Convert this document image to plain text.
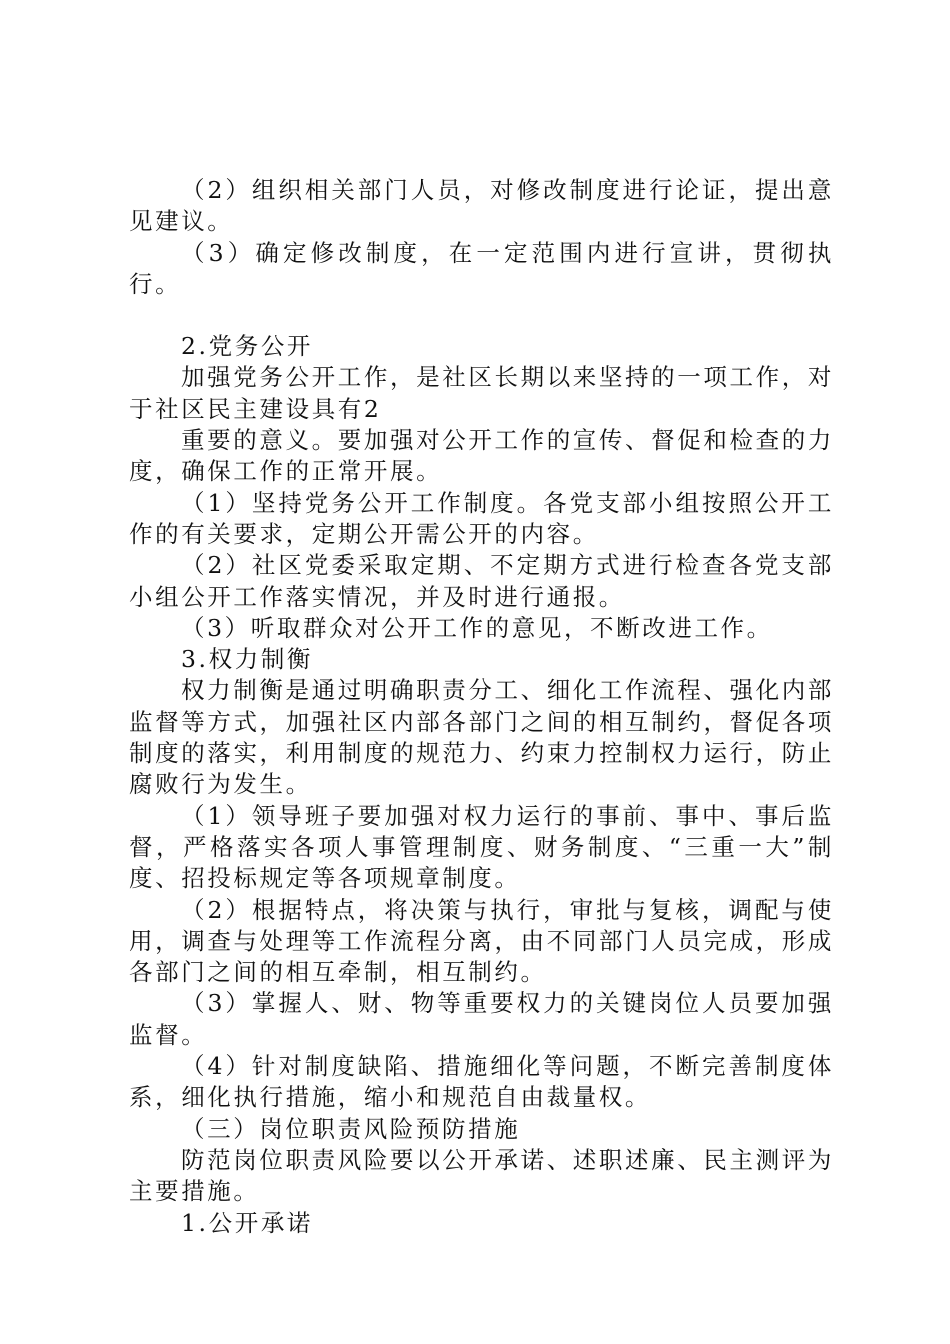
（2）组织相关部门人员，对修改制度进行论证，提出意见建议。

（3）确定修改制度，在一定范围内进行宣讲，贯彻执行。

2.党务公开

加强党务公开工作，是社区长期以来坚持的一项工作，对于社区民主建设具有2

重要的意义。要加强对公开工作的宣传、督促和检查的力度，确保工作的正常开展。

（1）坚持党务公开工作制度。各党支部小组按照公开工作的有关要求，定期公开需公开的内容。

（2）社区党委采取定期、不定期方式进行检查各党支部小组公开工作落实情况，并及时进行通报。

（3）听取群众对公开工作的意见，不断改进工作。

3.权力制衡

权力制衡是通过明确职责分工、细化工作流程、强化内部监督等方式，加强社区内部各部门之间的相互制约，督促各项制度的落实，利用制度的规范力、约束力控制权力运行，防止腐败行为发生。

（1）领导班子要加强对权力运行的事前、事中、事后监督，严格落实各项人事管理制度、财务制度、“三重一大”制度、招投标规定等各项规章制度。

（2）根据特点，将决策与执行，审批与复核，调配与使用，调查与处理等工作流程分离，由不同部门人员完成，形成各部门之间的相互牵制，相互制约。

（3）掌握人、财、物等重要权力的关键岗位人员要加强监督。

（4）针对制度缺陷、措施细化等问题，不断完善制度体系，细化执行措施，缩小和规范自由裁量权。

（三）岗位职责风险预防措施

防范岗位职责风险要以公开承诺、述职述廉、民主测评为主要措施。

1.公开承诺
